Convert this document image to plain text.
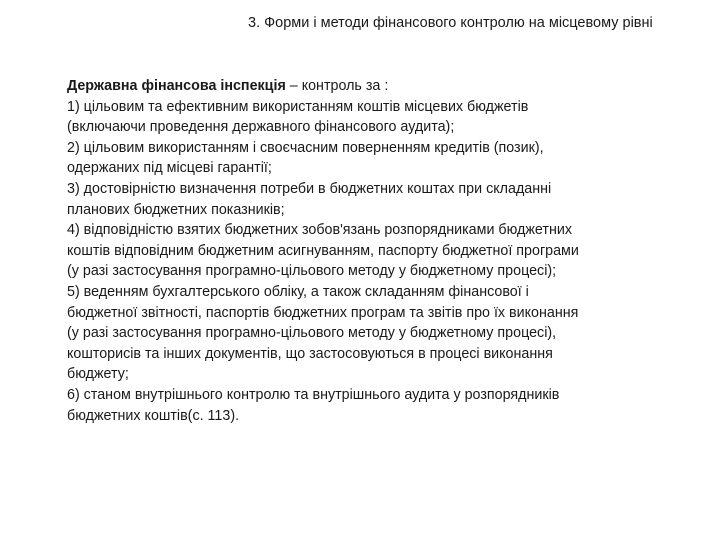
3. Форми і методи фінансового контролю на місцевому рівні
Державна фінансова інспекція – контроль за :
1) цільовим та ефективним використанням коштів місцевих бюджетів
(включаючи проведення державного фінансового аудита);
2) цільовим використанням і своєчасним поверненням кредитів (позик),
одержаних під місцеві гарантії;
3) достовірністю визначення потреби в бюджетних коштах при складанні
планових бюджетних показників;
4) відповідністю взятих бюджетних зобов'язань розпорядниками бюджетних
коштів відповідним бюджетним асигнуванням, паспорту бюджетної програми
(у разі застосування програмно-цільового методу у бюджетному процесі);
5) веденням бухгалтерського обліку, а також складанням фінансової і
бюджетної звітності, паспортів бюджетних програм та звітів про їх виконання
(у разі застосування програмно-цільового методу у бюджетному процесі),
кошторисів та інших документів, що застосовуються в процесі виконання
бюджету;
6) станом внутрішнього контролю та внутрішнього аудита у розпорядників
бюджетних коштів(с. 113).
